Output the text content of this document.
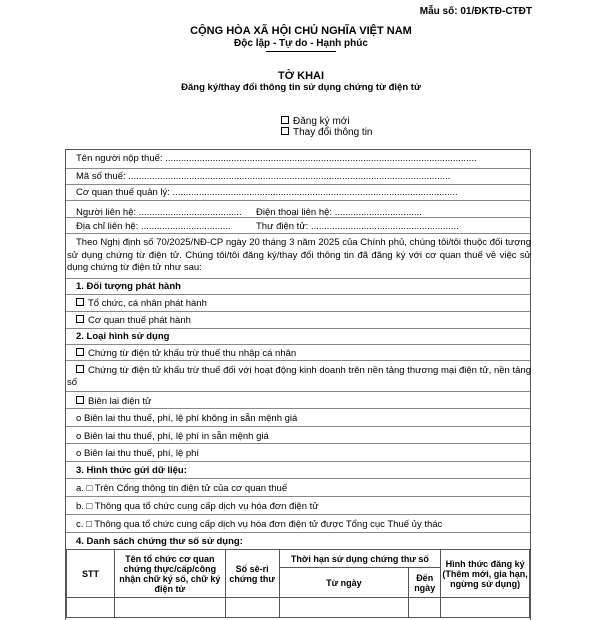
Mẫu số: 01/ĐKTĐ-CTĐT
CỘNG HÒA XÃ HỘI CHỦ NGHĨA VIỆT NAM
Độc lập - Tự do - Hạnh phúc
TỜ KHAI
Đăng ký/thay đổi thông tin sử dụng chứng từ điện tử
Đăng ký mới
Thay đổi thông tin
Tên người nộp thuế: ......................................................................................................................
Mã số thuế: ..........................................................................................................................
Cơ quan thuế quản lý: ............................................................................................................
Người liên hệ: ....................................... Điện thoại liên hệ: .................................
Địa chỉ liên hệ: ..................................	Thư điện tử: ........................................................
Theo Nghị định số 70/2025/NĐ-CP ngày 20 tháng 3 năm 2025 của Chính phủ, chúng tôi/tôi thuộc đối tượng sử dụng chứng từ điện tử. Chúng tôi/tôi đăng ký/thay đổi thông tin đã đăng ký với cơ quan thuế về việc sử dụng chứng từ điện tử như sau:
1. Đối tượng phát hành
Tổ chức, cá nhân phát hành
Cơ quan thuế phát hành
2. Loại hình sử dụng
Chứng từ điện tử khấu trừ thuế thu nhập cá nhân
Chứng từ điện tử khấu trừ thuế đối với hoạt động kinh doanh trên nền tảng thương mại điện tử, nền tảng số
Biên lai điện tử
o Biên lai thu thuế, phí, lệ phí không in sẵn mệnh giá
o Biên lai thu thuế, phí, lệ phí in sẵn mệnh giá
o Biên lai thu thuế, phí, lệ phí
3. Hình thức gửi dữ liệu:
a. □ Trên Cổng thông tin điện tử của cơ quan thuế
b. □ Thông qua tổ chức cung cấp dịch vụ hóa đơn điện tử
c. □ Thông qua tổ chức cung cấp dịch vụ hóa đơn điện tử được Tổng cục Thuế ủy thác
4. Danh sách chứng thư số sử dụng:
STT	Tên tổ chức cơ quan chứng thực/cấp/công nhận chữ ký số, chữ ký điện tử	Số sê-ri chứng thư	Thời hạn sử dụng chứng thư số		Hình thức đăng ký (Thêm mới, gia hạn, ngừng sử dụng)
			Từ ngày	Đến ngày	
